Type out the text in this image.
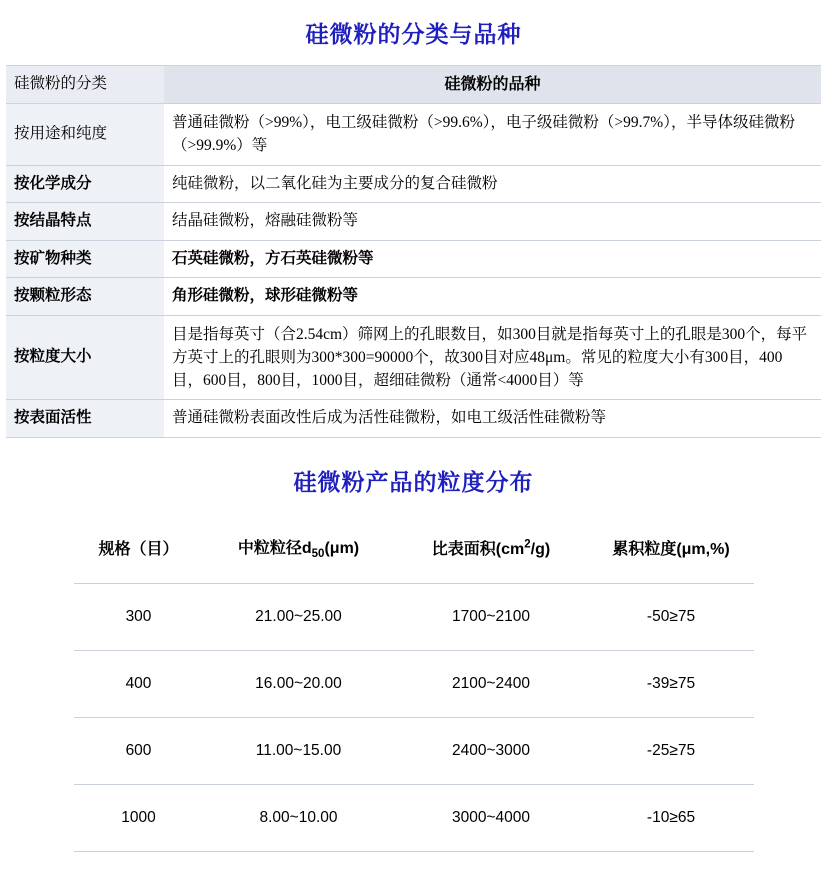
硅微粉的分类与品种
硅微粉的分类	硅微粉的品种
按用途和纯度	普通硅微粉（>99%），电工级硅微粉（>99.6%），电子级硅微粉（>99.7%），半导体级硅微粉（>99.9%）等
按化学成分	纯硅微粉，以二氧化硅为主要成分的复合硅微粉
按结晶特点	结晶硅微粉，熔融硅微粉等
按矿物种类	石英硅微粉，方石英硅微粉等
按颗粒形态	角形硅微粉，球形硅微粉等
按粒度大小	目是指每英寸（合2.54cm）筛网上的孔眼数目，如300目就是指每英寸上的孔眼是300个，每平方英寸上的孔眼则为300*300=90000个，故300目对应48μm。常见的粒度大小有300目，400目，600目，800目，1000目，超细硅微粉（通常<4000目）等
按表面活性	普通硅微粉表面改性后成为活性硅微粉，如电工级活性硅微粉等
硅微粉产品的粒度分布
规格（目）	中粒粒径$d_{50}(\mu m)$	比表面积$(cm^2/g)$	累积粒度(μm,%)
300	21.00~25.00	1700~2100	-50≥75
400	16.00~20.00	2100~2400	-39≥75
600	11.00~15.00	2400~3000	-25≥75
1000	8.00~10.00	3000~4000	-10≥65
